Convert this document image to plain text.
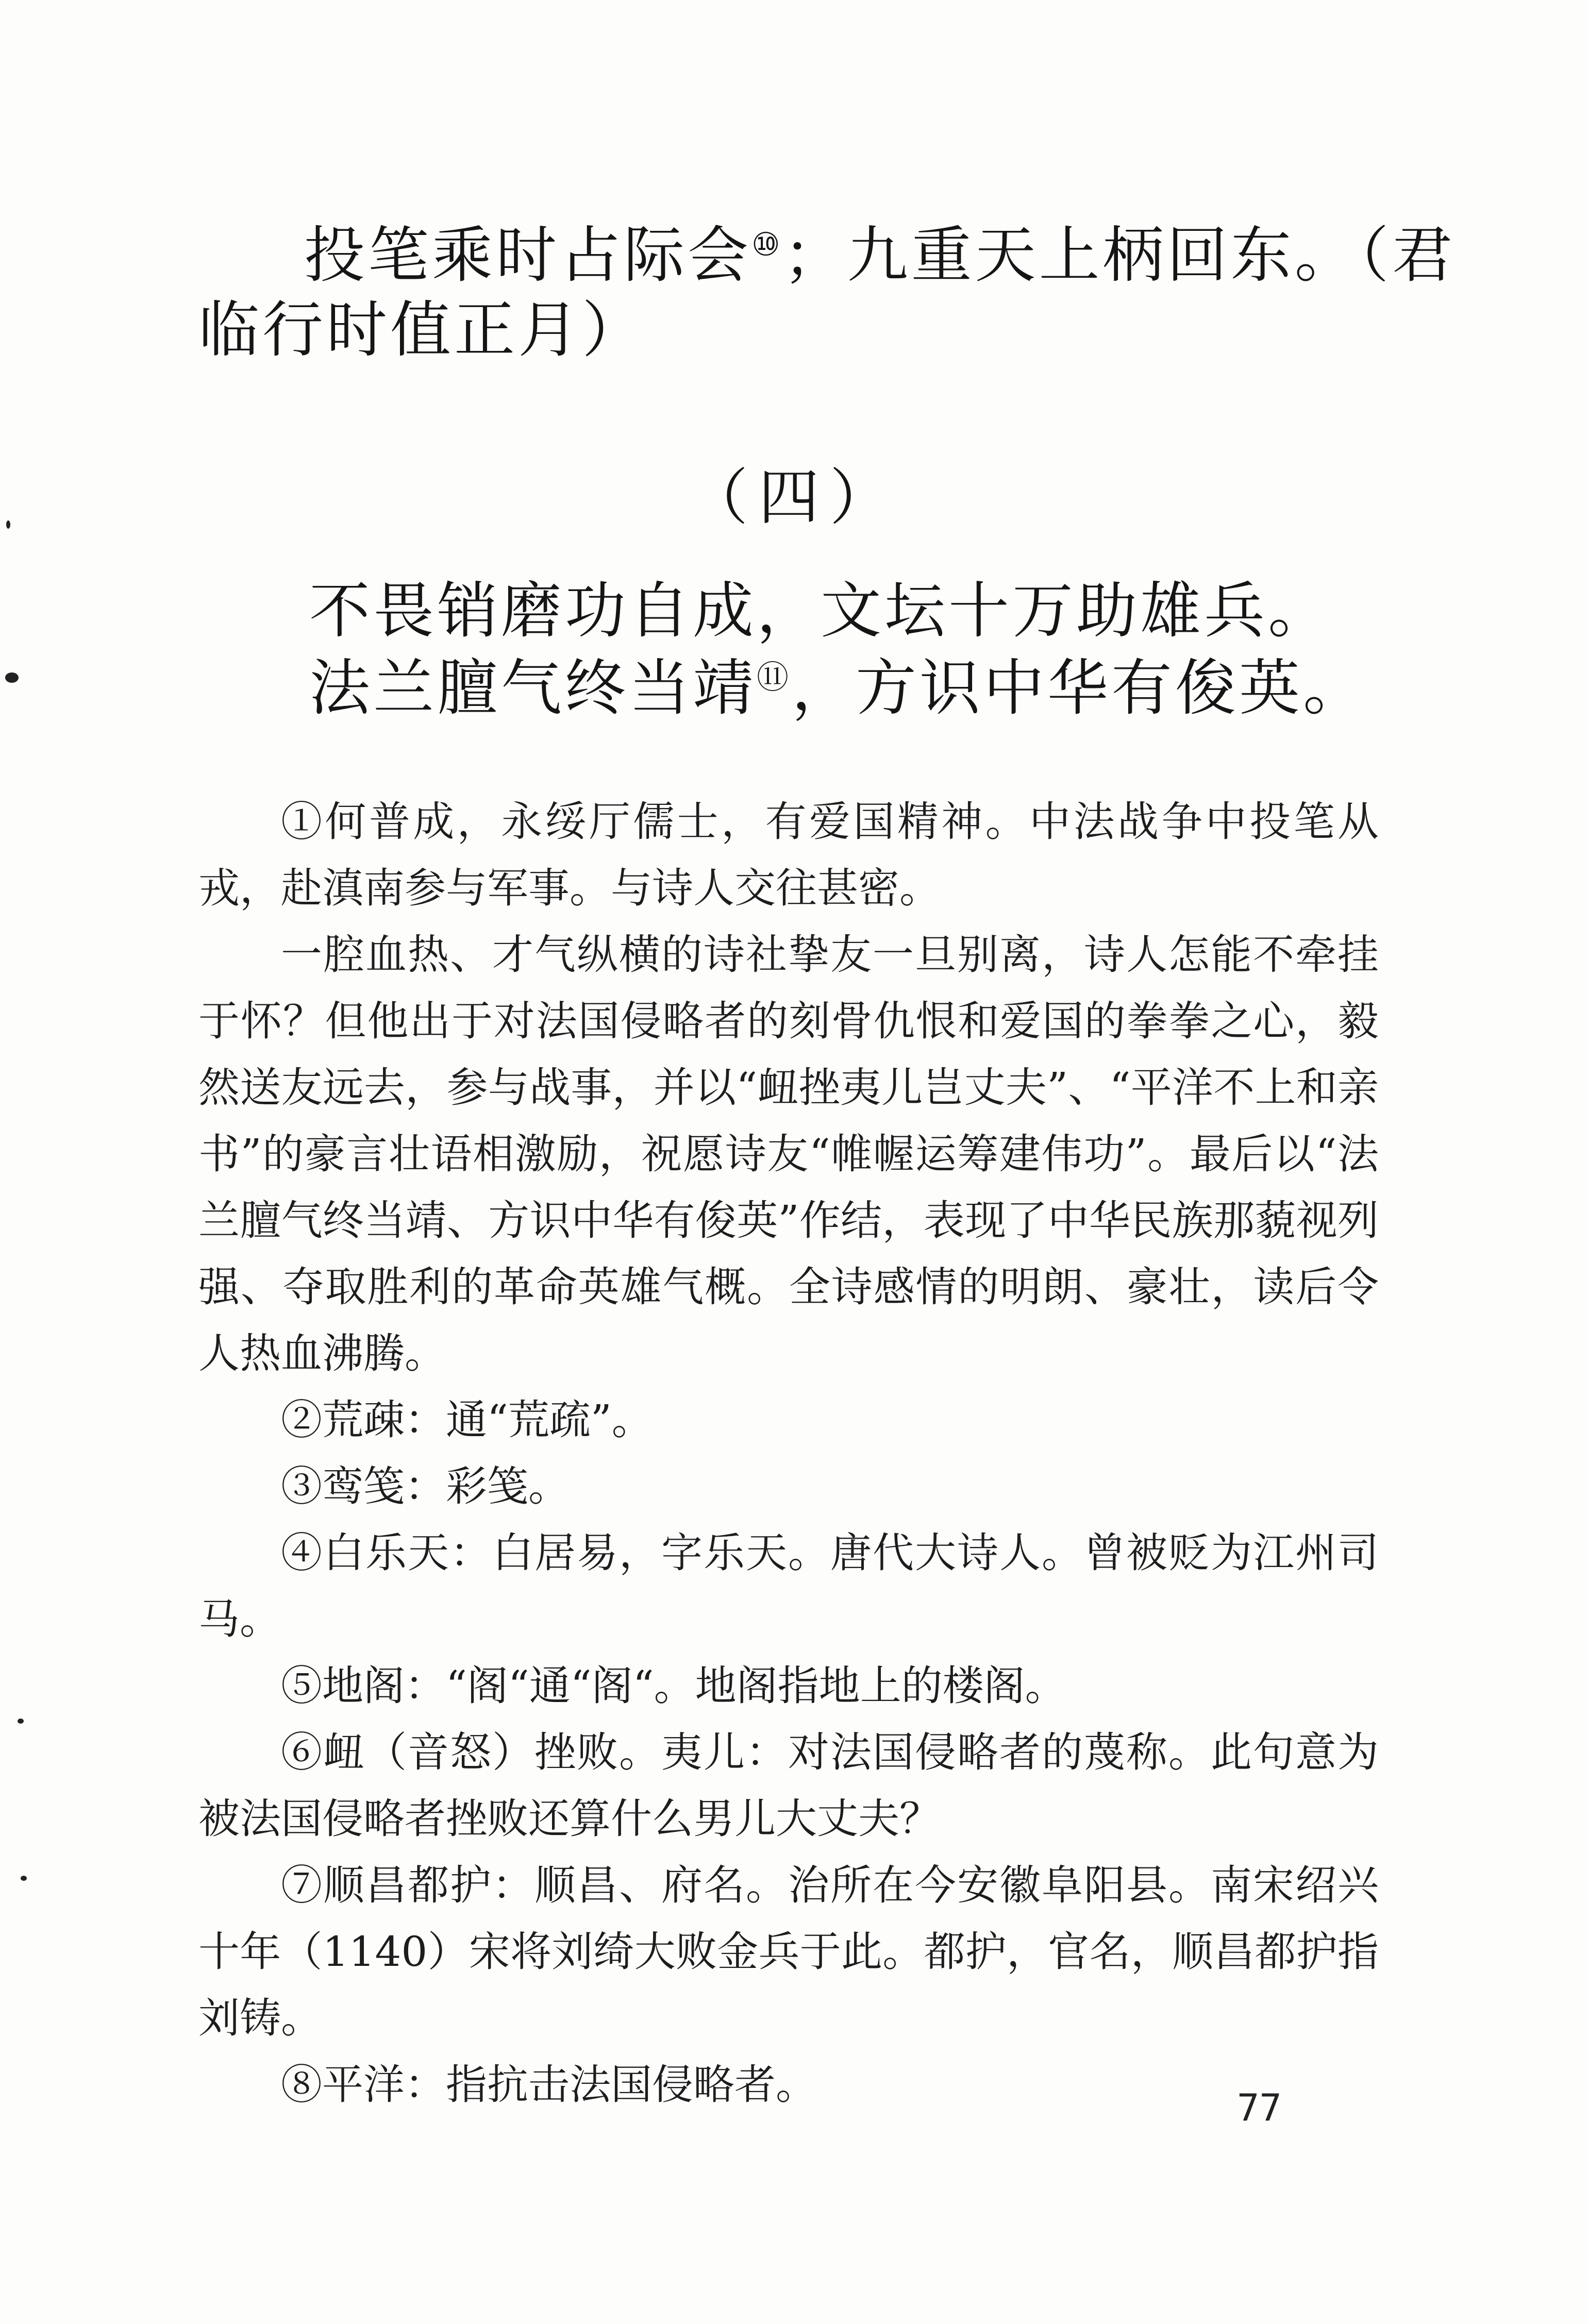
投笔乘时占际会⑩；九重天上柄回东。（君
临行时值正月）
（四）
不畏销磨功自成，文坛十万助雄兵。
法兰膻气终当靖⑪，方识中华有俊英。

①何普成，永绥厅儒士，有爱国精神。中法战争中投笔从戎，赴滇南参与军事。与诗人交往甚密。

一腔血热、才气纵横的诗社挚友一旦别离，诗人怎能不牵挂于怀？但他出于对法国侵略者的刻骨仇恨和爱国的拳拳之心，毅然送友远去，参与战事，并以“衄挫夷儿岂丈夫”、“平洋不上和亲书”的豪言壮语相激励，祝愿诗友“帷幄运筹建伟功”。最后以“法兰膻气终当靖、方识中华有俊英”作结，表现了中华民族那藐视列强、夺取胜利的革命英雄气概。全诗感情的明朗、豪壮，读后令人热血沸腾。

②荒疎：通“荒疏”。

③鸾笺：彩笺。

④白乐天：白居易，字乐天。唐代大诗人。曾被贬为江州司马。

⑤地阁：“阁“通“阁“。地阁指地上的楼阁。

⑥衄（音怒）挫败。夷儿：对法国侵略者的蔑称。此句意为被法国侵略者挫败还算什么男儿大丈夫？

⑦顺昌都护：顺昌、府名。治所在今安徽阜阳县。南宋绍兴十年（1140）宋将刘绮大败金兵于此。都护，官名，顺昌都护指刘铸。

⑧平洋：指抗击法国侵略者。	77
